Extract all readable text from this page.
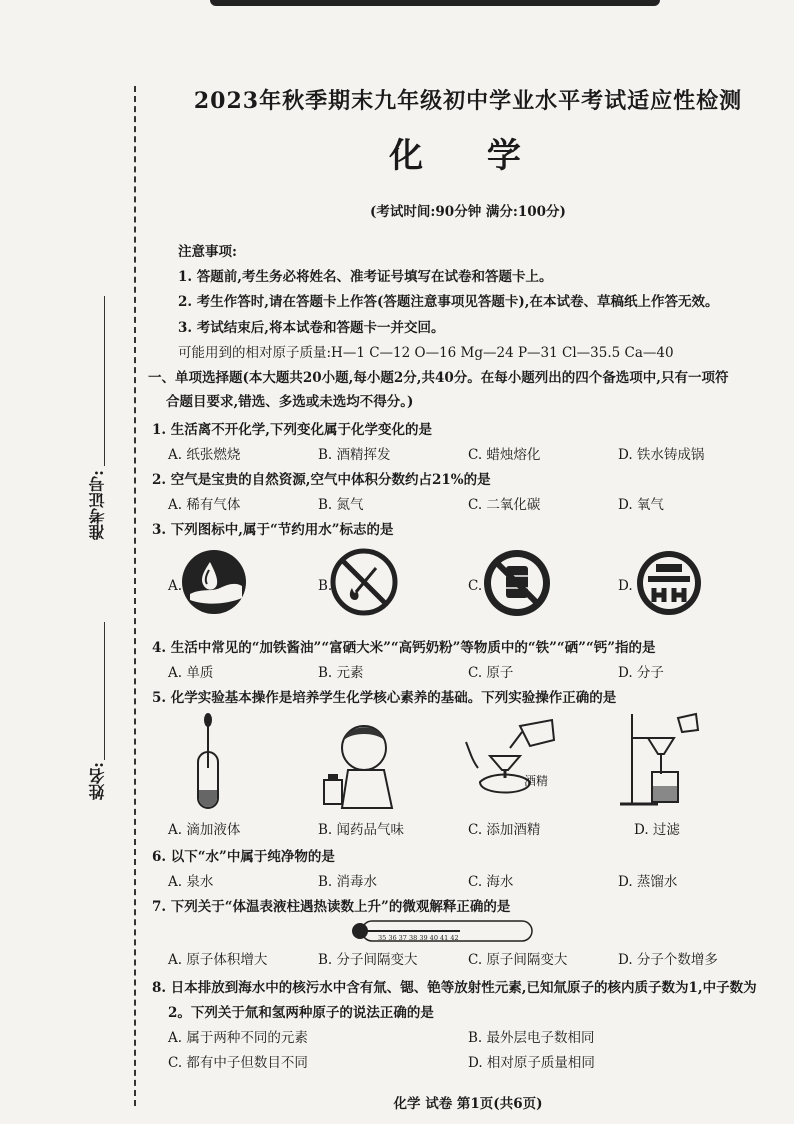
准考证号:
姓名:
2023年秋季期末九年级初中学业水平考试适应性检测
化 学
(考试时间:90分钟 满分:100分)
注意事项:
1. 答题前,考生务必将姓名、准考证号填写在试卷和答题卡上。
2. 考生作答时,请在答题卡上作答(答题注意事项见答题卡),在本试卷、草稿纸上作答无效。
3. 考试结束后,将本试卷和答题卡一并交回。
可能用到的相对原子质量:H—1 C—12 O—16 Mg—24 P—31 Cl—35.5 Ca—40
一、单项选择题(本大题共20小题,每小题2分,共40分。在每小题列出的四个备选项中,只有一项符
合题目要求,错选、多选或未选均不得分。)
1. 生活离不开化学,下列变化属于化学变化的是
A. 纸张燃烧	B. 酒精挥发	C. 蜡烛熔化	D. 铁水铸成锅
2. 空气是宝贵的自然资源,空气中体积分数约占21%的是
A. 稀有气体	B. 氮气	C. 二氧化碳	D. 氧气
3. 下列图标中,属于“节约用水”标志的是
A.	B.	C.	D.
4. 生活中常见的“加铁酱油”“富硒大米”“高钙奶粉”等物质中的“铁”“硒”“钙”指的是
A. 单质	B. 元素	C. 原子	D. 分子
5. 化学实验基本操作是培养学生化学核心素养的基础。下列实验操作正确的是
酒精
A. 滴加液体	B. 闻药品气味	C. 添加酒精	D. 过滤
6. 以下“水”中属于纯净物的是
A. 泉水	B. 消毒水	C. 海水	D. 蒸馏水
7. 下列关于“体温表液柱遇热读数上升”的微观解释正确的是
35 36 37 38 39 40 41 42
A. 原子体积增大	B. 分子间隔变大	C. 原子间隔变大	D. 分子个数增多
8. 日本排放到海水中的核污水中含有氚、锶、铯等放射性元素,已知氚原子的核内质子数为1,中子数为
2。下列关于氚和氢两种原子的说法正确的是
A. 属于两种不同的元素	B. 最外层电子数相同
C. 都有中子但数目不同	D. 相对原子质量相同
化学 试卷 第1页(共6页)
